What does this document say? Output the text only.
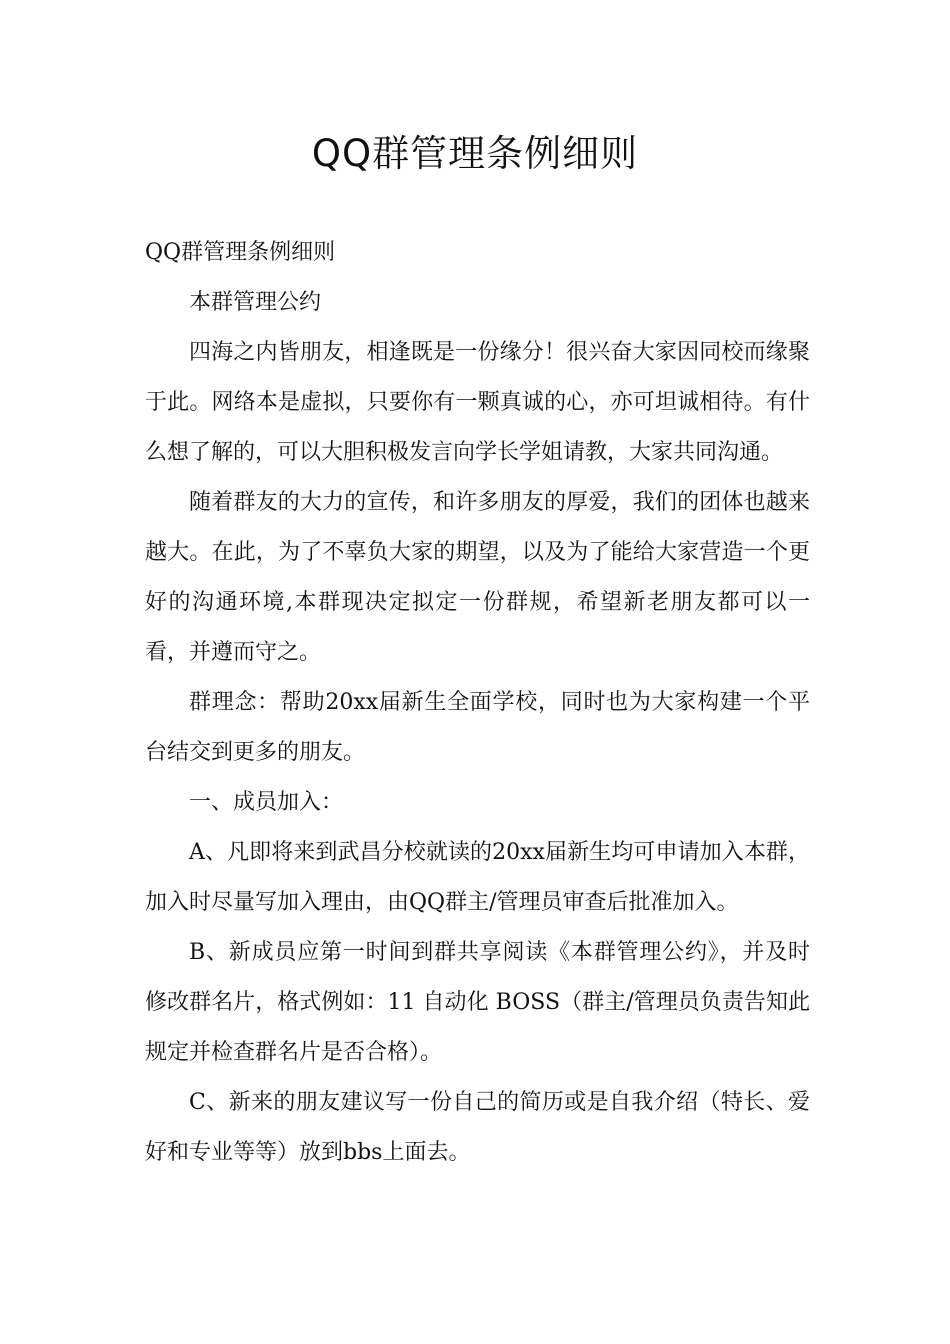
QQ群管理条例细则

QQ群管理条例细则

本群管理公约

四海之内皆朋友，相逢既是一份缘分！很兴奋大家因同校而缘聚于此。网络本是虚拟，只要你有一颗真诚的心，亦可坦诚相待。有什么想了解的，可以大胆积极发言向学长学姐请教，大家共同沟通。

随着群友的大力的宣传，和许多朋友的厚爱，我们的团体也越来越大。在此，为了不辜负大家的期望，以及为了能给大家营造一个更好的沟通环境,本群现决定拟定一份群规，希望新老朋友都可以一看，并遵而守之。

群理念：帮助20xx届新生全面学校，同时也为大家构建一个平台结交到更多的朋友。

一、成员加入：

A、凡即将来到武昌分校就读的20xx届新生均可申请加入本群，加入时尽量写加入理由，由QQ群主/管理员审查后批准加入。

B、新成员应第一时间到群共享阅读《本群管理公约》，并及时修改群名片，格式例如：11 自动化 BOSS（群主/管理员负责告知此规定并检查群名片是否合格）。

C、新来的朋友建议写一份自己的简历或是自我介绍（特长、爱好和专业等等）放到bbs上面去。
